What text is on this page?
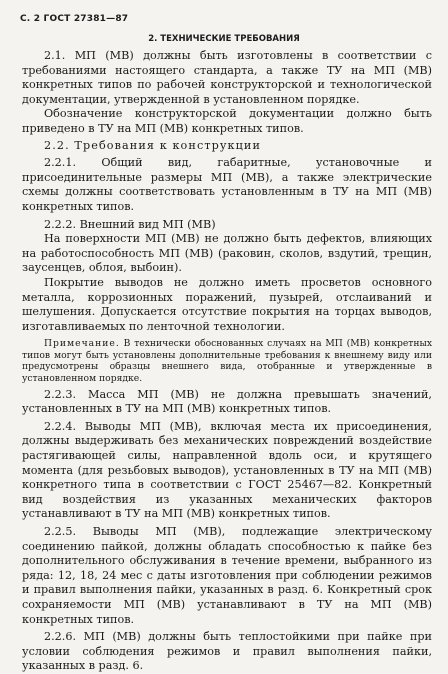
С. 2 ГОСТ 27381—87
2. ТЕХНИЧЕСКИЕ ТРЕБОВАНИЯ

2.1. МП (МВ) должны быть изготовлены в соответствии с требованиями настоящего стандарта, а также ТУ на МП (МВ) конкретных типов по рабочей конструкторской и технологической документации, утвержденной в установленном порядке.

Обозначение конструкторской документации должно быть приведено в ТУ на МП (МВ) конкретных типов.

2.2. Требования к конструкции

2.2.1. Общий вид, габаритные, установочные и присоединительные размеры МП (МВ), а также электрические схемы должны соответствовать установленным в ТУ на МП (МВ) конкретных типов.

2.2.2. Внешний вид МП (МВ)

На поверхности МП (МВ) не должно быть дефектов, влияющих на работоспособность МП (МВ) (раковин, сколов, вздутий, трещин, заусенцев, облоя, выбоин).

Покрытие выводов не должно иметь просветов основного металла, коррозионных поражений, пузырей, отслаиваний и шелушения. Допускается отсутствие покрытия на торцах выводов, изготавливаемых по ленточной технологии.

Примечание. В технически обоснованных случаях на МП (МВ) конкретных типов могут быть установлены дополнительные требования к внешнему виду или предусмотрены образцы внешнего вида, отобранные и утвержденные в установленном порядке.

2.2.3. Масса МП (МВ) не должна превышать значений, установленных в ТУ на МП (МВ) конкретных типов.

2.2.4. Выводы МП (МВ), включая места их присоединения, должны выдерживать без механических повреждений воздействие растягивающей силы, направленной вдоль оси, и крутящего момента (для резьбовых выводов), установленных в ТУ на МП (МВ) конкретного типа в соответствии с ГОСТ 25467—82. Конкретный вид воздействия из указанных механических факторов устанавливают в ТУ на МП (МВ) конкретных типов.

2.2.5. Выводы МП (МВ), подлежащие электрическому соединению пайкой, должны обладать способностью к пайке без дополнительного обслуживания в течение времени, выбранного из ряда: 12, 18, 24 мес с даты изготовления при соблюдении режимов и правил выполнения пайки, указанных в разд. 6. Конкретный срок сохраняемости МП (МВ) устанавливают в ТУ на МП (МВ) конкретных типов.

2.2.6. МП (МВ) должны быть теплостойкими при пайке при условии соблюдения режимов и правил выполнения пайки, указанных в разд. 6.
